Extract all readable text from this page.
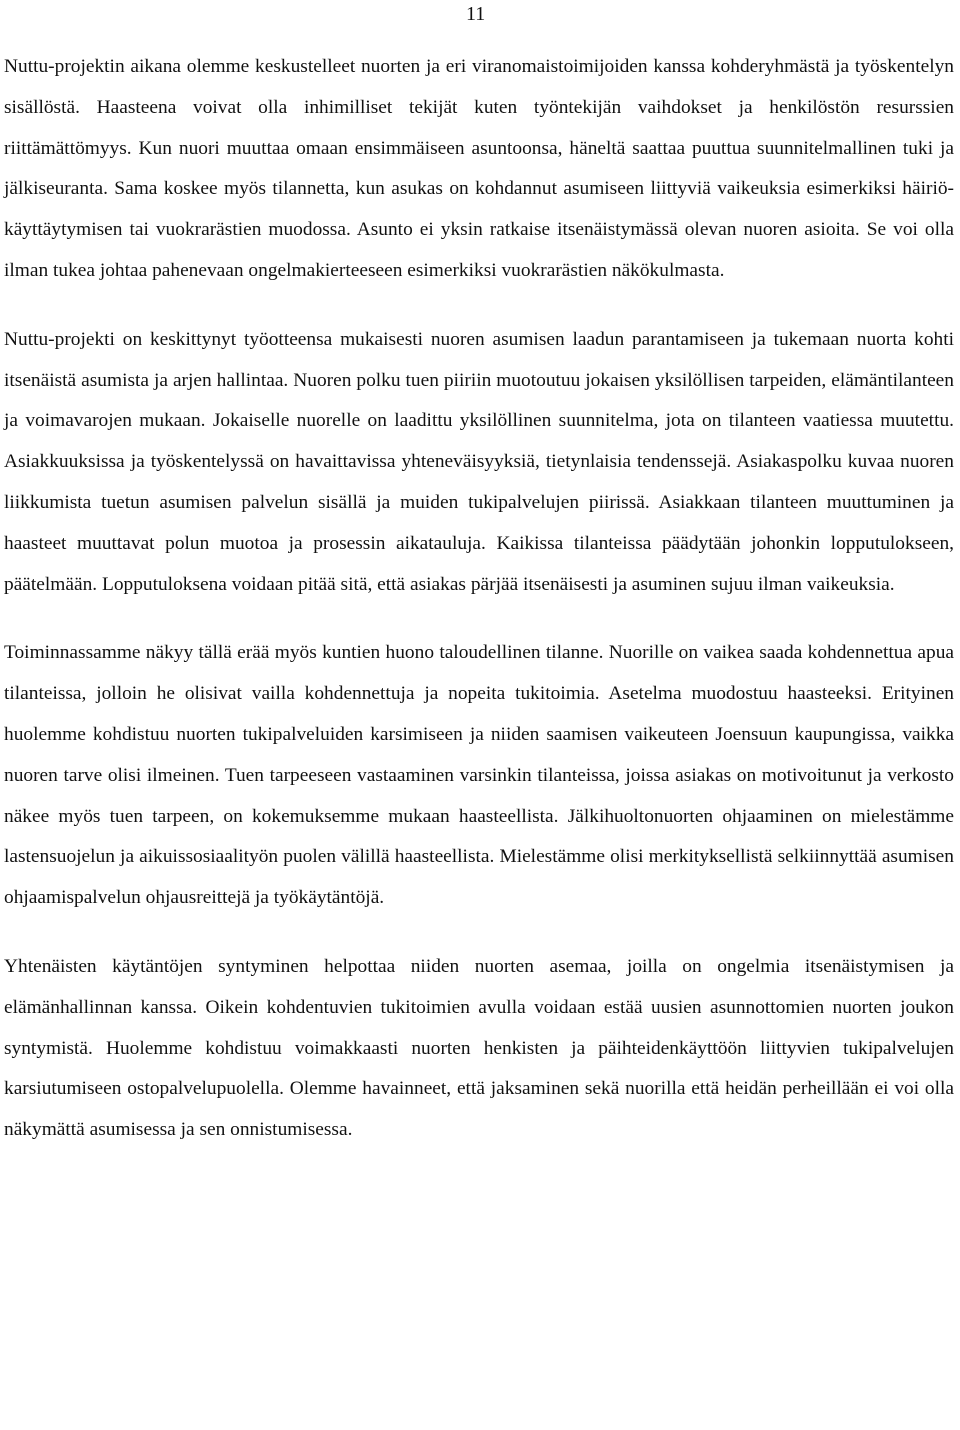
11

Nuttu-projektin aikana olemme keskustelleet nuorten ja eri viranomaistoimijoiden kanssa kohderyhmästä ja työskentelyn sisällöstä. Haasteena voivat olla inhimilliset tekijät kuten työntekijän vaihdokset ja henkilöstön resurssien riittämättömyys. Kun nuori muuttaa omaan ensimmäiseen asuntoonsa, häneltä saattaa puuttua suunnitelmallinen tuki ja jälkiseuranta. Sama koskee myös tilannetta, kun asukas on kohdannut asumiseen liittyviä vaikeuksia esimerkiksi häiriökäyttäytymisen tai vuokrarästien muodossa. Asunto ei yksin ratkaise itsenäistymässä olevan nuoren asioita. Se voi olla ilman tukea johtaa pahenevaan ongelmakierteeseen esimerkiksi vuokrarästien näkökulmasta.

Nuttu-projekti on keskittynyt työotteensa mukaisesti nuoren asumisen laadun parantamiseen ja tukemaan nuorta kohti itsenäistä asumista ja arjen hallintaa. Nuoren polku tuen piiriin muotoutuu jokaisen yksilöllisen tarpeiden, elämäntilanteen ja voimavarojen mukaan. Jokaiselle nuorelle on laadittu yksilöllinen suunnitelma, jota on tilanteen vaatiessa muutettu. Asiakkuuksissa ja työskentelyssä on havaittavissa yhteneväisyyksiä, tietynlaisia tendenssejä. Asiakaspolku kuvaa nuoren liikkumista tuetun asumisen palvelun sisällä ja muiden tukipalvelujen piirissä. Asiakkaan tilanteen muuttuminen ja haasteet muuttavat polun muotoa ja prosessin aikatauluja. Kaikissa tilanteissa päädytään johonkin lopputulokseen, päätelmään. Lopputuloksena voidaan pitää sitä, että asiakas pärjää itsenäisesti ja asuminen sujuu ilman vaikeuksia.

Toiminnassamme näkyy tällä erää myös kuntien huono taloudellinen tilanne. Nuorille on vaikea saada kohdennettua apua tilanteissa, jolloin he olisivat vailla kohdennettuja ja nopeita tukitoimia. Asetelma muodostuu haasteeksi. Erityinen huolemme kohdistuu nuorten tukipalveluiden karsimiseen ja niiden saamisen vaikeuteen Joensuun kaupungissa, vaikka nuoren tarve olisi ilmeinen. Tuen tarpeeseen vastaaminen varsinkin tilanteissa, joissa asiakas on motivoitunut ja verkosto näkee myös tuen tarpeen, on kokemuksemme mukaan haasteellista. Jälkihuoltonuorten ohjaaminen on mielestämme lastensuojelun ja aikuissosiaalityön puolen välillä haasteellista. Mielestämme olisi merkityksellistä selkiinnyttää asumisen ohjaamispalvelun ohjausreittejä ja työkäytäntöjä.

Yhtenäisten käytäntöjen syntyminen helpottaa niiden nuorten asemaa, joilla on ongelmia itsenäistymisen ja elämänhallinnan kanssa. Oikein kohdentuvien tukitoimien avulla voidaan estää uusien asunnottomien nuorten joukon syntymistä. Huolemme kohdistuu voimakkaasti nuorten henkisten ja päihteidenkäyttöön liittyvien tukipalvelujen karsiutumiseen ostopalvelupuolella. Olemme havainneet, että jaksaminen sekä nuorilla että heidän perheillään ei voi olla näkymättä asumisessa ja sen onnistumisessa.
